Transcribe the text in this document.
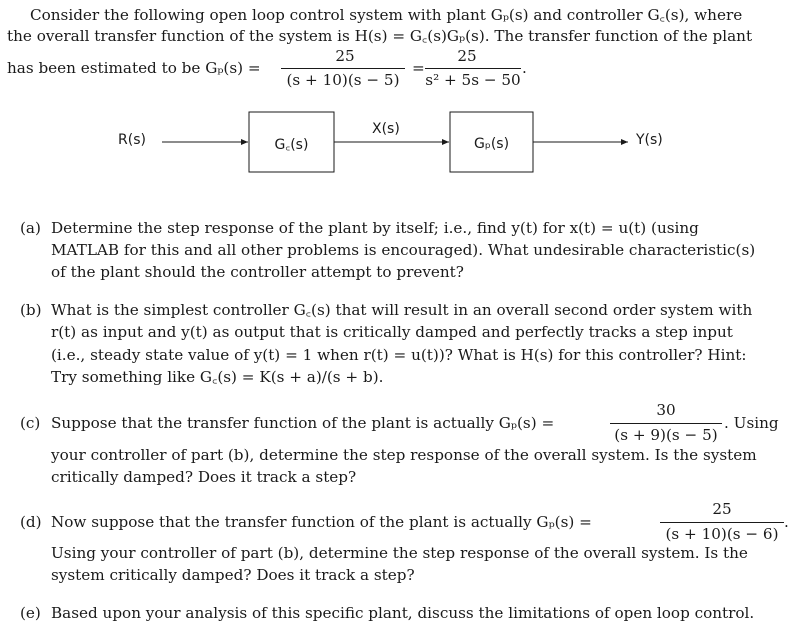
Consider the following open loop control system with plant Gₚ(s) and controller G꜀(s), where
the overall transfer function of the system is H(s) = G꜀(s)Gₚ(s). The transfer function of the plant
has been estimated to be Gₚ(s) =
25
(s + 10)(s − 5)
=
25
s² + 5s − 50
.
R(s)	G꜀(s)
X(s)
Gₚ(s)	Y(s)
(a) Determine the step response of the plant by itself; i.e., find y(t) for x(t) = u(t) (using
MATLAB for this and all other problems is encouraged). What undesirable characteristic(s)
of the plant should the controller attempt to prevent?
(b) What is the simplest controller G꜀(s) that will result in an overall second order system with
r(t) as input and y(t) as output that is critically damped and perfectly tracks a step input
(i.e., steady state value of y(t) = 1 when r(t) = u(t))? What is H(s) for this controller? Hint:
Try something like G꜀(s) = K(s + a)/(s + b).
(c) Suppose that the transfer function of the plant is actually Gₚ(s) =
30
(s + 9)(s − 5)
. Using
your controller of part (b), determine the step response of the overall system. Is the system
critically damped? Does it track a step?
(d) Now suppose that the transfer function of the plant is actually Gₚ(s) =
25
(s + 10)(s − 6)
.
Using your controller of part (b), determine the step response of the overall system. Is the
system critically damped? Does it track a step?
(e) Based upon your analysis of this specific plant, discuss the limitations of open loop control.
